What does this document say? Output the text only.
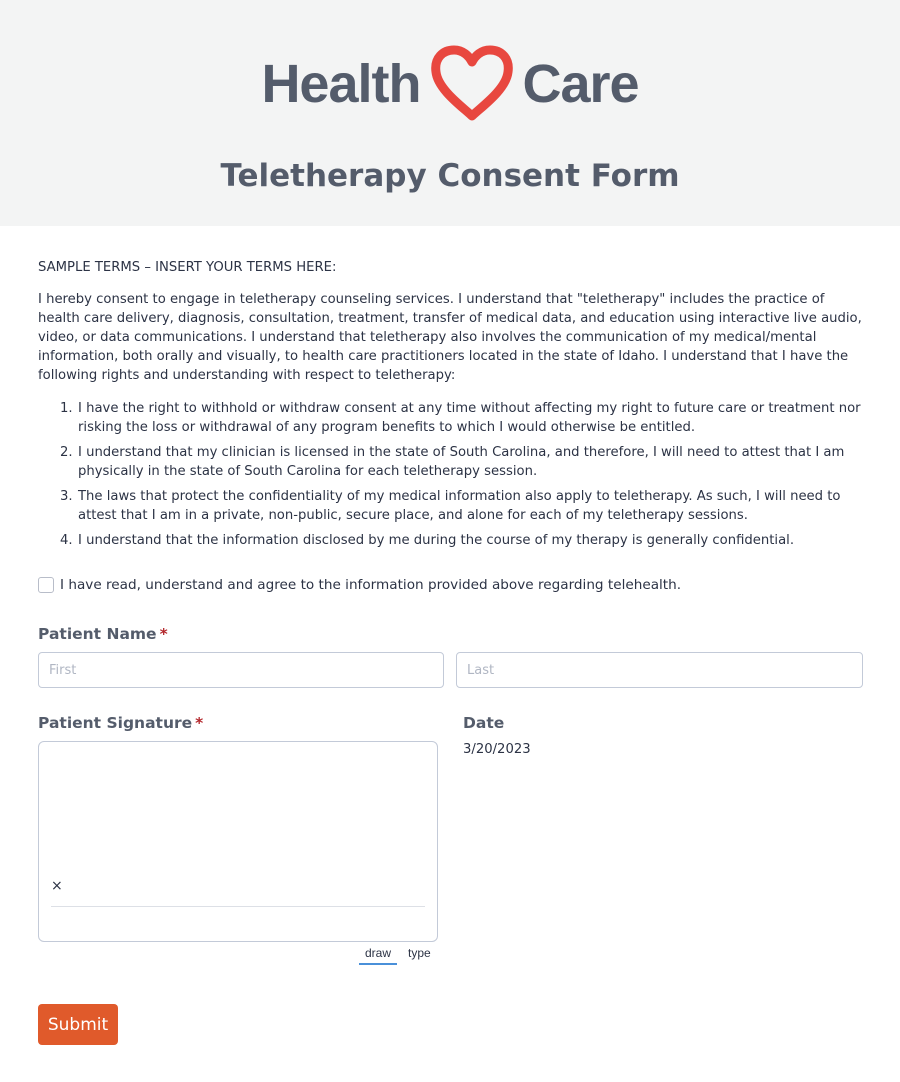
Health Care
Teletherapy Consent Form
SAMPLE TERMS – INSERT YOUR TERMS HERE:
I hereby consent to engage in teletherapy counseling services. I understand that "teletherapy" includes the practice of health care delivery, diagnosis, consultation, treatment, transfer of medical data, and education using interactive live audio, video, or data communications. I understand that teletherapy also involves the communication of my medical/mental information, both orally and visually, to health care practitioners located in the state of Idaho. I understand that I have the following rights and understanding with respect to teletherapy:
1. I have the right to withhold or withdraw consent at any time without affecting my right to future care or treatment nor risking the loss or withdrawal of any program benefits to which I would otherwise be entitled.
2. I understand that my clinician is licensed in the state of South Carolina, and therefore, I will need to attest that I am physically in the state of South Carolina for each teletherapy session.
3. The laws that protect the confidentiality of my medical information also apply to teletherapy. As such, I will need to attest that I am in a private, non-public, secure place, and alone for each of my teletherapy sessions.
4. I understand that the information disclosed by me during the course of my therapy is generally confidential.
I have read, understand and agree to the information provided above regarding telehealth.
Patient Name *
First
Last
Patient Signature *
×
draw	type
Date
3/20/2023
Submit
